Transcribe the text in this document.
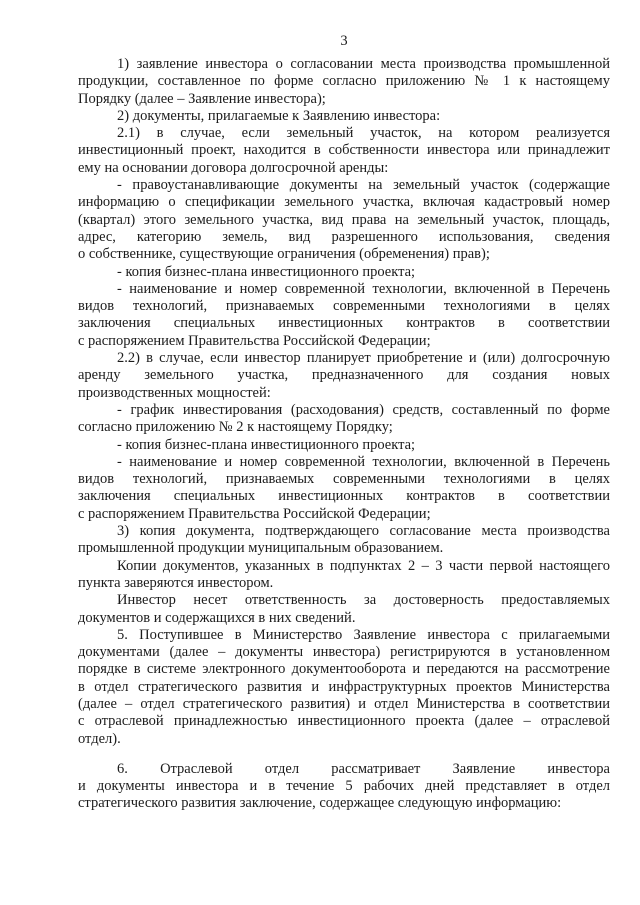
3
1) заявление инвестора о согласовании места производства промышленной
продукции, составленное по форме согласно приложению № 1 к настоящему
Порядку (далее – Заявление инвестора);
2) документы, прилагаемые к Заявлению инвестора:
2.1) в случае, если земельный участок, на котором реализуется
инвестиционный проект, находится в собственности инвестора или принадлежит
ему на основании договора долгосрочной аренды:
- правоустанавливающие документы на земельный участок (содержащие
информацию о спецификации земельного участка, включая кадастровый номер
(квартал) этого земельного участка, вид права на земельный участок, площадь,
адрес, категорию земель, вид разрешенного использования, сведения
о собственнике, существующие ограничения (обременения) прав);
- копия бизнес-плана инвестиционного проекта;
- наименование и номер современной технологии, включенной в Перечень
видов технологий, признаваемых современными технологиями в целях
заключения специальных инвестиционных контрактов в соответствии
с распоряжением Правительства Российской Федерации;
2.2) в случае, если инвестор планирует приобретение и (или) долгосрочную
аренду земельного участка, предназначенного для создания новых
производственных мощностей:
- график инвестирования (расходования) средств, составленный по форме
согласно приложению № 2 к настоящему Порядку;
- копия бизнес-плана инвестиционного проекта;
- наименование и номер современной технологии, включенной в Перечень
видов технологий, признаваемых современными технологиями в целях
заключения специальных инвестиционных контрактов в соответствии
с распоряжением Правительства Российской Федерации;
3) копия документа, подтверждающего согласование места производства
промышленной продукции муниципальным образованием.
Копии документов, указанных в подпунктах 2 – 3 части первой настоящего
пункта заверяются инвестором.
Инвестор несет ответственность за достоверность предоставляемых
документов и содержащихся в них сведений.
5. Поступившее в Министерство Заявление инвестора с прилагаемыми
документами (далее – документы инвестора) регистрируются в установленном
порядке в системе электронного документооборота и передаются на рассмотрение
в отдел стратегического развития и инфраструктурных проектов Министерства
(далее – отдел стратегического развития) и отдел Министерства в соответствии
с отраслевой принадлежностью инвестиционного проекта (далее – отраслевой
отдел).
6. Отраслевой отдел рассматривает Заявление инвестора
и документы инвестора и в течение 5 рабочих дней представляет в отдел
стратегического развития заключение, содержащее следующую информацию:
